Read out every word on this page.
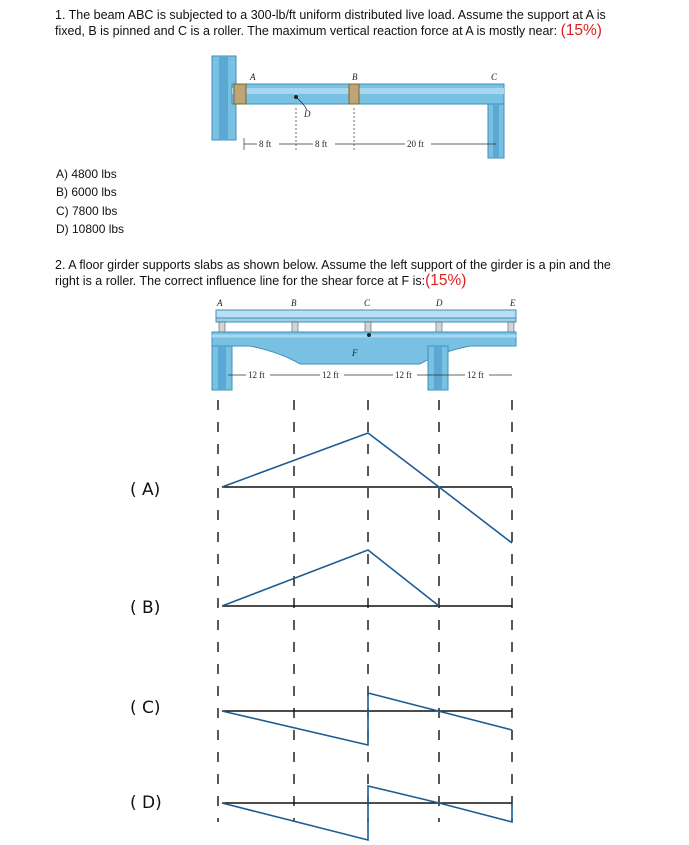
1. The beam ABC is subjected to a 300-lb/ft uniform distributed live load. Assume the support at A is
fixed, B is pinned and C is a roller. The maximum vertical reaction force at A is mostly near: (15%)
A	B	C
D
8 ft	8 ft	20 ft
A) 4800 lbs
B) 6000 lbs
C) 7800 lbs
D) 10800 lbs
2. A floor girder supports slabs as shown below. Assume the left support of the girder is a pin and the
right is a roller. The correct influence line for the shear force at F is:(15%)
A	B	C	D	E
F
12 ft	12 ft	12 ft	12 ft
( A)
( B)
( C)
( D)
